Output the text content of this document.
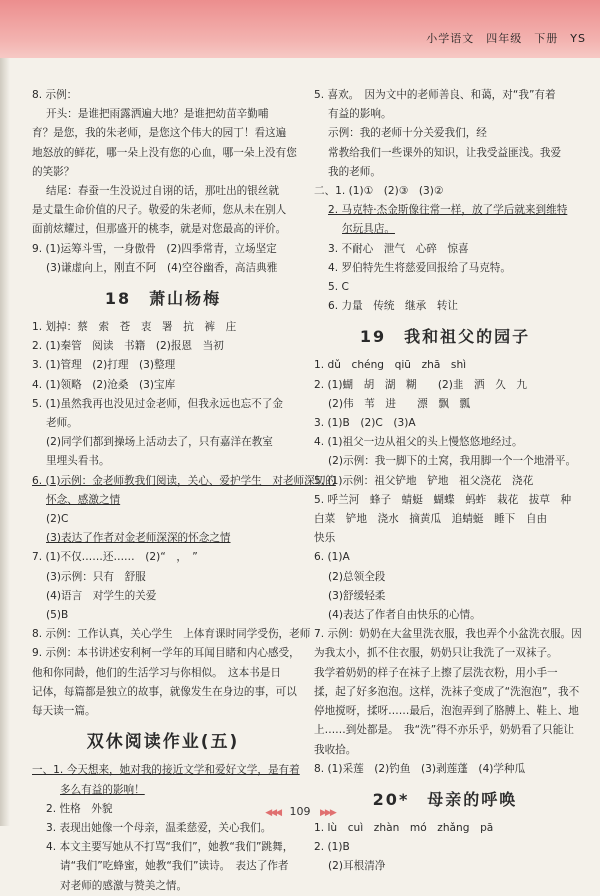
小学语文　四年级　下册　YS
8. 示例：
开头：是谁把雨露洒遍大地？是谁把幼苗辛勤哺
育？是您，我的朱老师，是您这个伟大的园丁！看这遍
地怒放的鲜花，哪一朵上没有您的心血，哪一朵上没有您
的笑影？
结尾：春蚕一生没说过自诩的话，那吐出的银丝就
是丈量生命价值的尺子。敬爱的朱老师，您从未在别人
面前炫耀过，但那盛开的桃李，就是对您最高的评价。
9. (1)运筹斗雪，一身傲骨　(2)四季常青，立场坚定
(3)谦虚向上，刚直不阿　(4)空谷幽香，高洁典雅
18　萧山杨梅
1. 划掉：蔡　索　苍　衷　署　抗　裤　庄
2. (1)秦管　阅读　书籍　(2)报恩　当初
3. (1)管理　(2)打理　(3)整理
4. (1)领略　(2)沧桑　(3)宝库
5. (1)虽然我再也没见过金老师，但我永远也忘不了金
老师。
(2)同学们都到操场上活动去了，只有嘉洋在教室
里埋头看书。
6. (1)示例：金老师教我们阅读，关心、爱护学生　对老师深切的
怀念、感激之情
(2)C
(3)表达了作者对金老师深深的怀念之情
7. (1)不仅……还……　(2)“　，　”
(3)示例：只有　舒服
(4)语言　对学生的关爱
(5)B
8. 示例：工作认真，关心学生　上体育课时同学受伤，老师
9. 示例：本书讲述安利柯一学年的耳闻目睹和内心感受，
他和你同龄，他们的生活学习与你相似。　这本书是日
记体，每篇都是独立的故事，就像发生在身边的事，可以
每天读一篇。
双休阅读作业(五)
一、1. 今天想来，她对我的接近文学和爱好文学，是有着
多么有益的影响！
2. 性格　外貌
3. 表现出她像一个母亲，温柔慈爱，关心我们。
4. 本文主要写她从不打骂“我们”，她教“我们”跳舞，
请“我们”吃蜂蜜，她教“我们”读诗。　表达了作者
对老师的感激与赞美之情。
5. 喜欢。　因为文中的老师善良、和蔼，对“我”有着
有益的影响。
示例：我的老师十分关爱我们，经
常教给我们一些课外的知识，让我受益匪浅。我爱
我的老师。
二、1. (1)①　(2)③　(3)②
2. 马克特·杰金斯像往常一样，放了学后就来到维特
尔玩具店。
3. 不耐心　泄气　心碎　惊喜
4. 罗伯特先生将慈爱回报给了马克特。
5. C
6. 力量　传统　继承　转让
19　我和祖父的园子
1. dǔ　chéng　qiū　zhā　shì
2. (1)蝴　胡　湖　糊　　(2)韭　洒　久　九
(2)伟　苇　进　　漂　飘　瓢
3. (1)B　(2)C　(3)A
4. (1)祖父一边从祖父的头上慢悠悠地经过。
(2)示例：我一脚下的土窝，我用脚一个一个地滑平。
5. (1)示例：祖父铲地　铲地　祖父浇花　浇花
5. 呼兰河　蜂子　蜻蜓　蝴蝶　蚂蚱　栽花　拔草　种
白菜　铲地　浇水　摘黄瓜　追蜻蜓　睡下　自由
快乐
6. (1)A
(2)总领全段
(3)舒缓轻柔
(4)表达了作者自由快乐的心情。
7. 示例：奶奶在大盆里洗衣服，我也弄个小盆洗衣服。因
为我太小，抓不住衣服，奶奶只让我洗了一双袜子。
我学着奶奶的样子在袜子上擦了层洗衣粉，用小手一
揉，起了好多泡泡。这样，洗袜子变成了“洗泡泡”，我不
停地搅呀，揉呀……最后，泡泡弄到了胳膊上、鞋上、地
上……到处都是。　我“洗”得不亦乐乎，奶奶看了只能让
我收拾。
8. (1)采莲　(2)钓鱼　(3)剥莲蓬　(4)学种瓜
20*　母亲的呼唤
1. lù　cuì　zhàn　mó　zhǎng　pā
2. (1)B
(2)耳根清净
◀◀◀ 109 ▶▶▶
